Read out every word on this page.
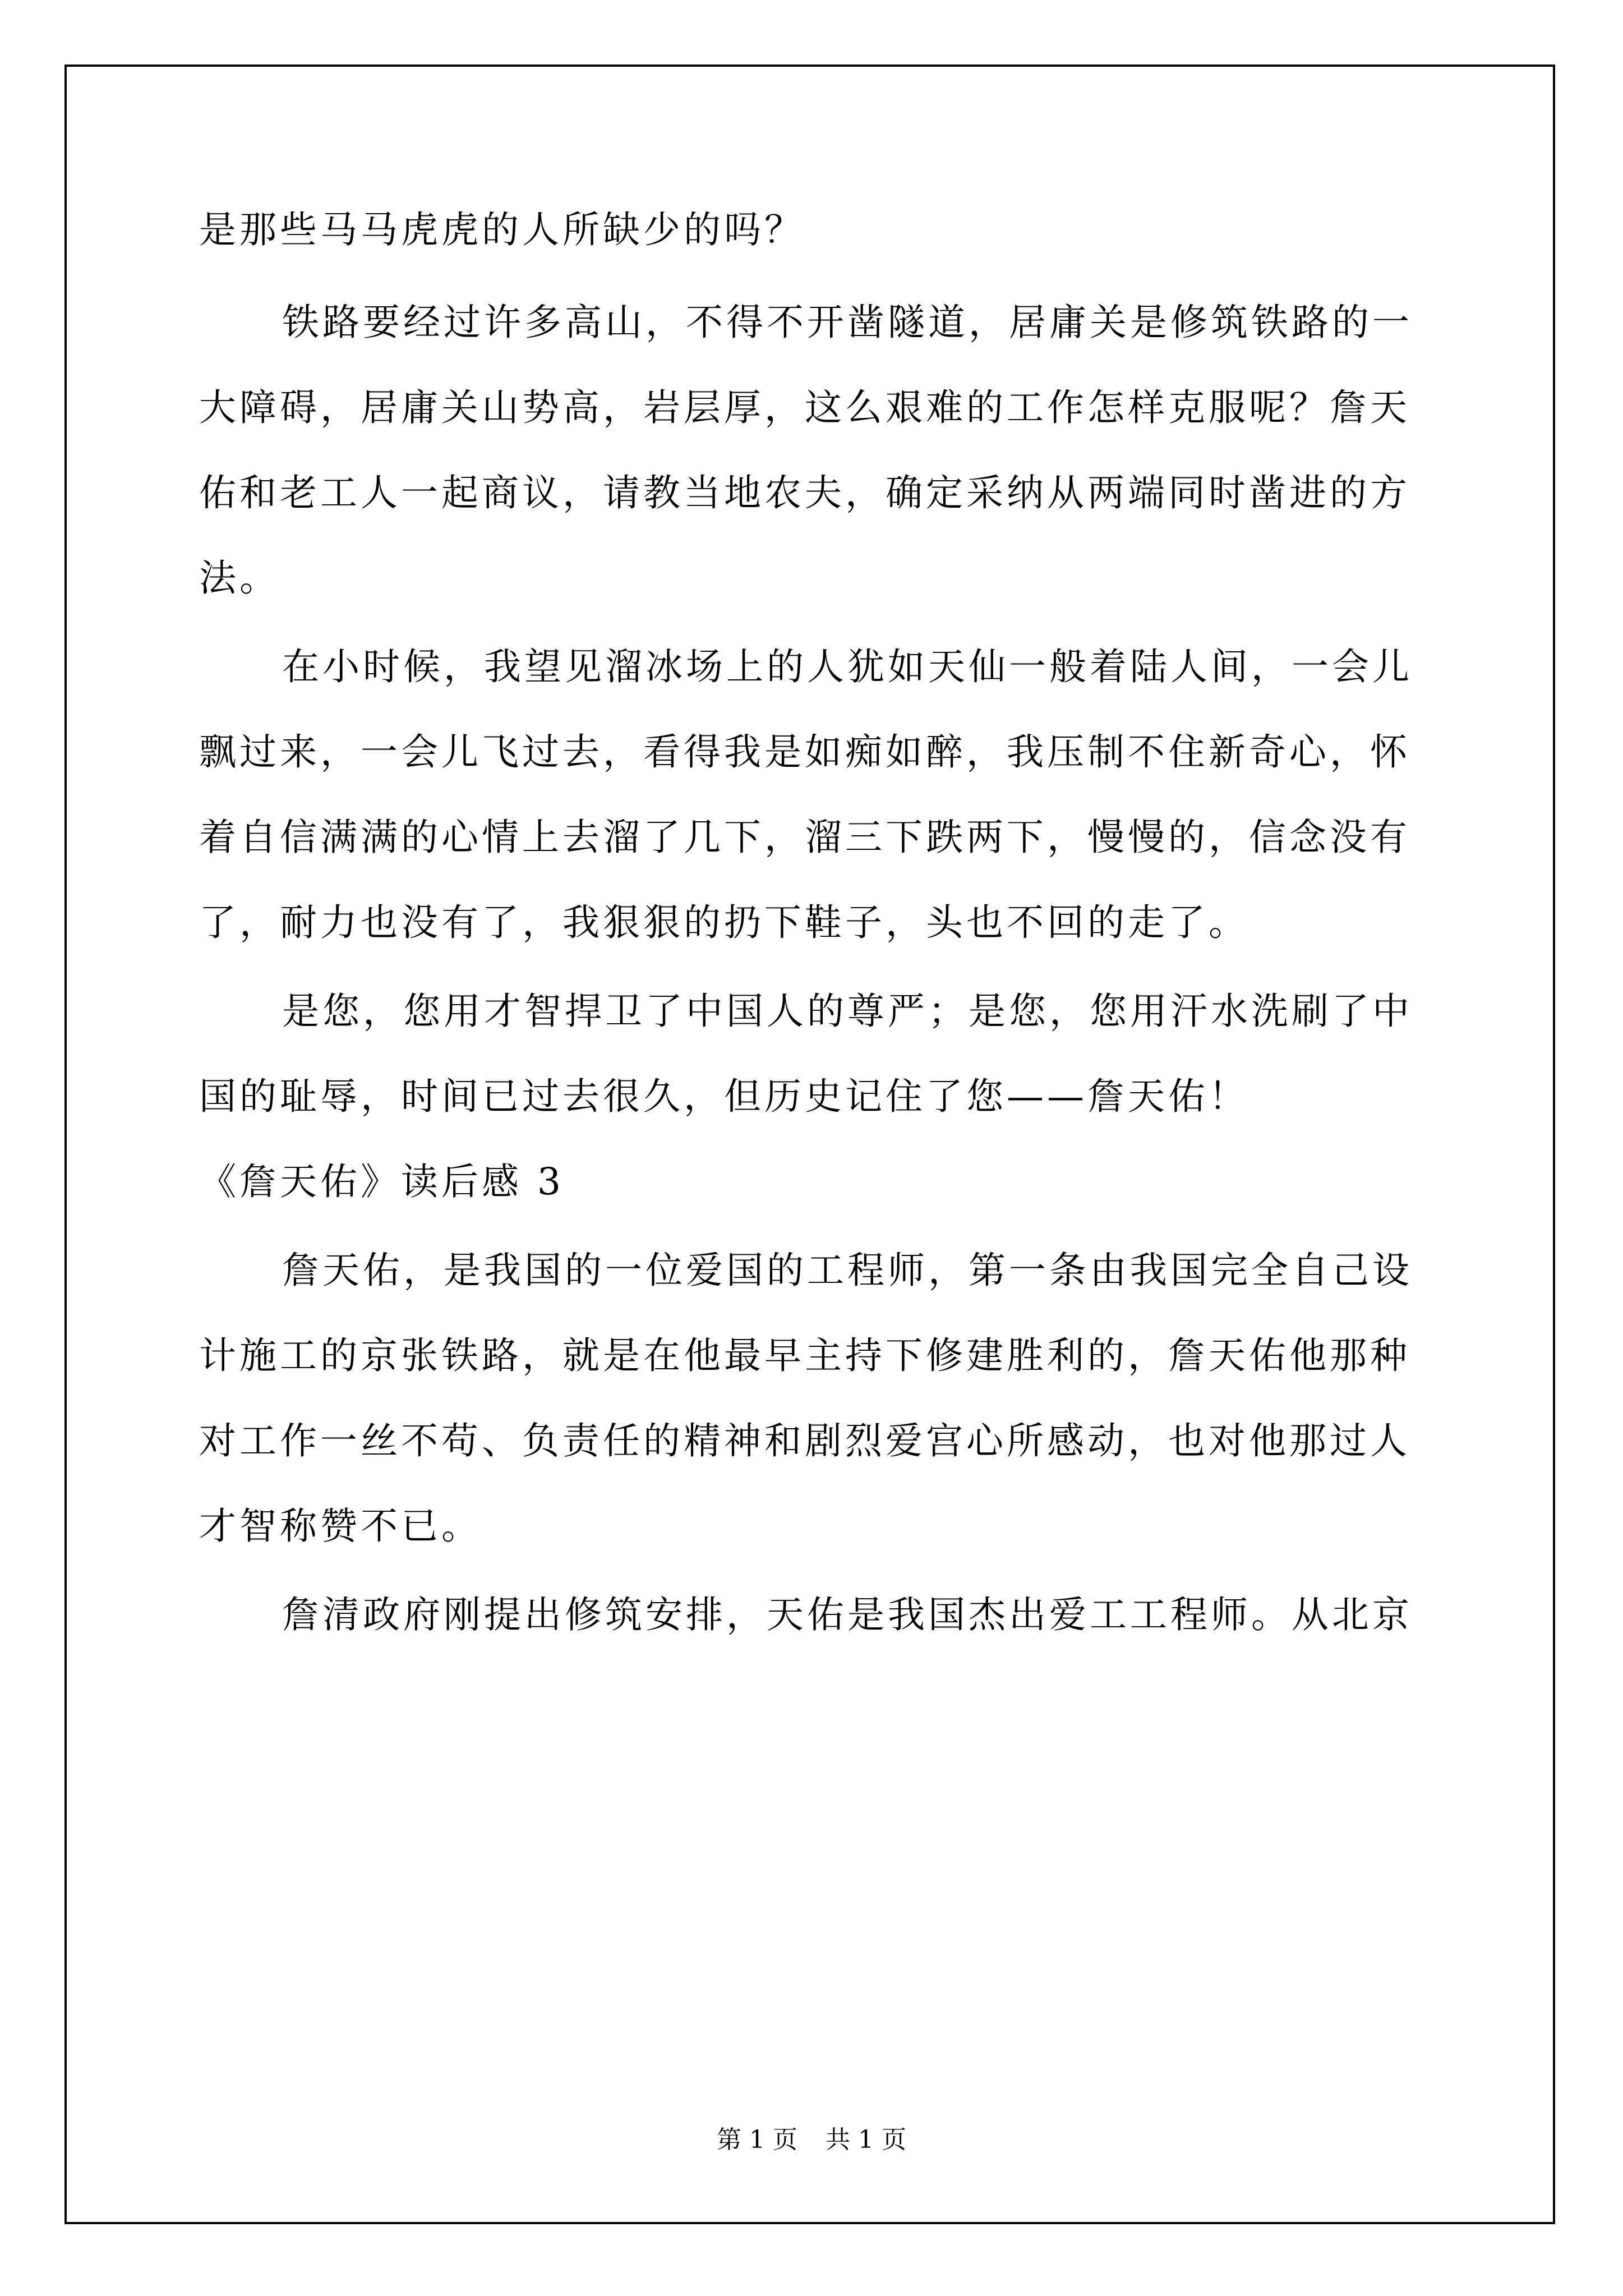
是那些马马虎虎的人所缺少的吗？
铁路要经过许多高山，不得不开凿隧道，居庸关是修筑铁路的一
大障碍，居庸关山势高，岩层厚，这么艰难的工作怎样克服呢？詹天
佑和老工人一起商议，请教当地农夫，确定采纳从两端同时凿进的方
法。
在小时候，我望见溜冰场上的人犹如天仙一般着陆人间，一会儿
飘过来，一会儿飞过去，看得我是如痴如醉，我压制不住新奇心，怀
着自信满满的心情上去溜了几下，溜三下跌两下，慢慢的，信念没有
了，耐力也没有了，我狠狠的扔下鞋子，头也不回的走了。
是您，您用才智捍卫了中国人的尊严；是您，您用汗水洗刷了中
国的耻辱，时间已过去很久，但历史记住了您——詹天佑！
《詹天佑》读后感 3
詹天佑，是我国的一位爱国的工程师，第一条由我国完全自己设
计施工的京张铁路，就是在他最早主持下修建胜利的，詹天佑他那种
对工作一丝不苟、负责任的精神和剧烈爱宫心所感动，也对他那过人
才智称赞不已。
詹清政府刚提出修筑安排，天佑是我国杰出爱工工程师。从北京
第 1 页 共 1 页
